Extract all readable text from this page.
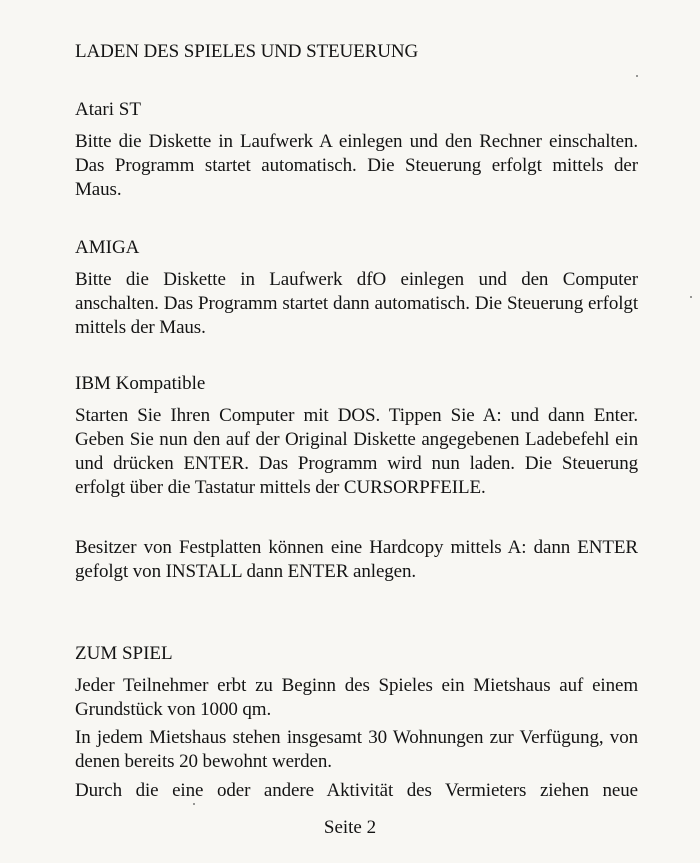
LADEN DES SPIELES UND STEUERUNG
Atari ST

Bitte die Diskette in Laufwerk A einlegen und den Rechner einschalten. Das Programm startet automatisch. Die Steuerung erfolgt mittels der Maus.

AMIGA

Bitte die Diskette in Laufwerk dfO einlegen und den Computer anschalten. Das Programm startet dann automatisch. Die Steuerung erfolgt mittels der Maus.

IBM Kompatible

Starten Sie Ihren Computer mit DOS. Tippen Sie A: und dann Enter. Geben Sie nun den auf der Original Diskette angegebenen Ladebefehl ein und drücken ENTER. Das Programm wird nun laden. Die Steuerung erfolgt über die Tastatur mittels der CURSORPFEILE.

Besitzer von Festplatten können eine Hardcopy mittels A: dann ENTER gefolgt von INSTALL dann ENTER anlegen.

ZUM SPIEL

Jeder Teilnehmer erbt zu Beginn des Spieles ein Mietshaus auf einem Grundstück von 1000 qm.

In jedem Mietshaus stehen insgesamt 30 Wohnungen zur Verfügung, von denen bereits 20 bewohnt werden.

Durch die eine oder andere Aktivität des Vermieters ziehen neue

Seite 2
